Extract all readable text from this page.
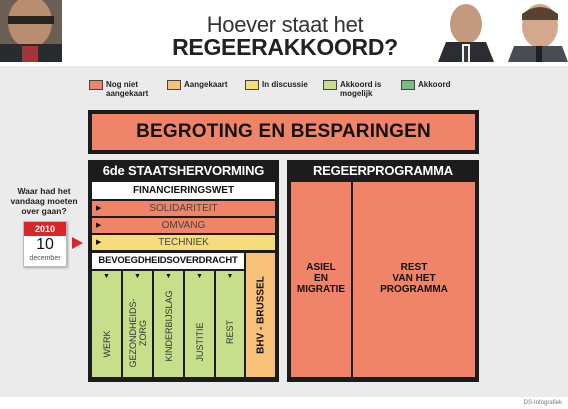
Hoever staat het
REGEERAKKOORD?
Nog niet aangekaart
Aangekaart	In discussie	Akkoord is mogelijk
Akkoord
BEGROTING EN BESPARINGEN
6de STAATSHERVORMING
FINANCIERINGSWET
▶	SOLIDARITEIT
▶	OMVANG
▶	TECHNIEK
BEVOEGDHEIDSOVERDRACHT
▼
WERK
▼
GEZONDHEIDS-
ZORG
▼
KINDERBIJSLAG
▼
JUSTITIE
▼
REST BHV - BRUSSEL
REGEERPROGRAMMA
ASIEL
EN
MIGRATIE
REST
VAN HET
PROGRAMMA
Waar had het vandaag moeten over gaan?
2010
10
december
DS-Infografiek
